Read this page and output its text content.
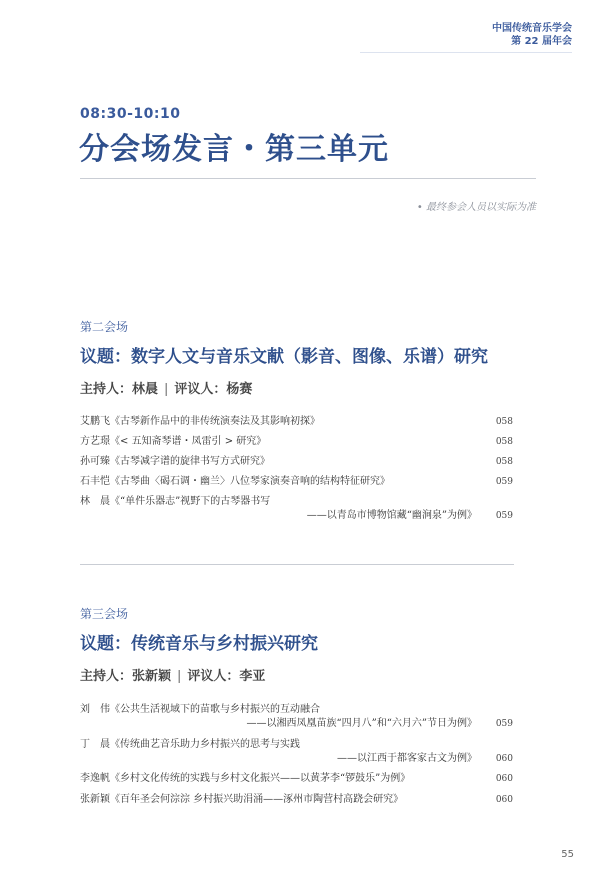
中国传统音乐学会
第 22 届年会
08:30-10:10
分会场发言・第三单元
• 最终参会人员以实际为准
第二会场
议题：数字人文与音乐文献（影音、图像、乐谱）研究
主持人：林晨 | 评议人：杨赛
艾鹏飞《古琴新作品中的非传统演奏法及其影响初探》	058
方艺璟《< 五知斋琴谱・凤雷引 > 研究》	058
孙可臻《古琴减字谱的旋律书写方式研究》	058
石丰恺《古琴曲〈碣石调・幽兰〉八位琴家演奏音响的结构特征研究》	059
林　晨《“单件乐器志”视野下的古琴器书写
——以青岛市博物馆藏“幽涧泉”为例》 059
第三会场
议题：传统音乐与乡村振兴研究
主持人：张新颖 | 评议人：李亚
刘　伟《公共生活视域下的苗歌与乡村振兴的互动融合
——以湘西凤凰苗族“四月八”和“六月六”节日为例》 059
丁　晨《传统曲艺音乐助力乡村振兴的思考与实践
——以江西于都客家古文为例》 060
李逸帆《乡村文化传统的实践与乡村文化振兴——以黄茅李“锣鼓乐”为例》	060
张新颖《百年圣会何淙淙 乡村振兴助涓涌——涿州市陶营村高跷会研究》	060
55
